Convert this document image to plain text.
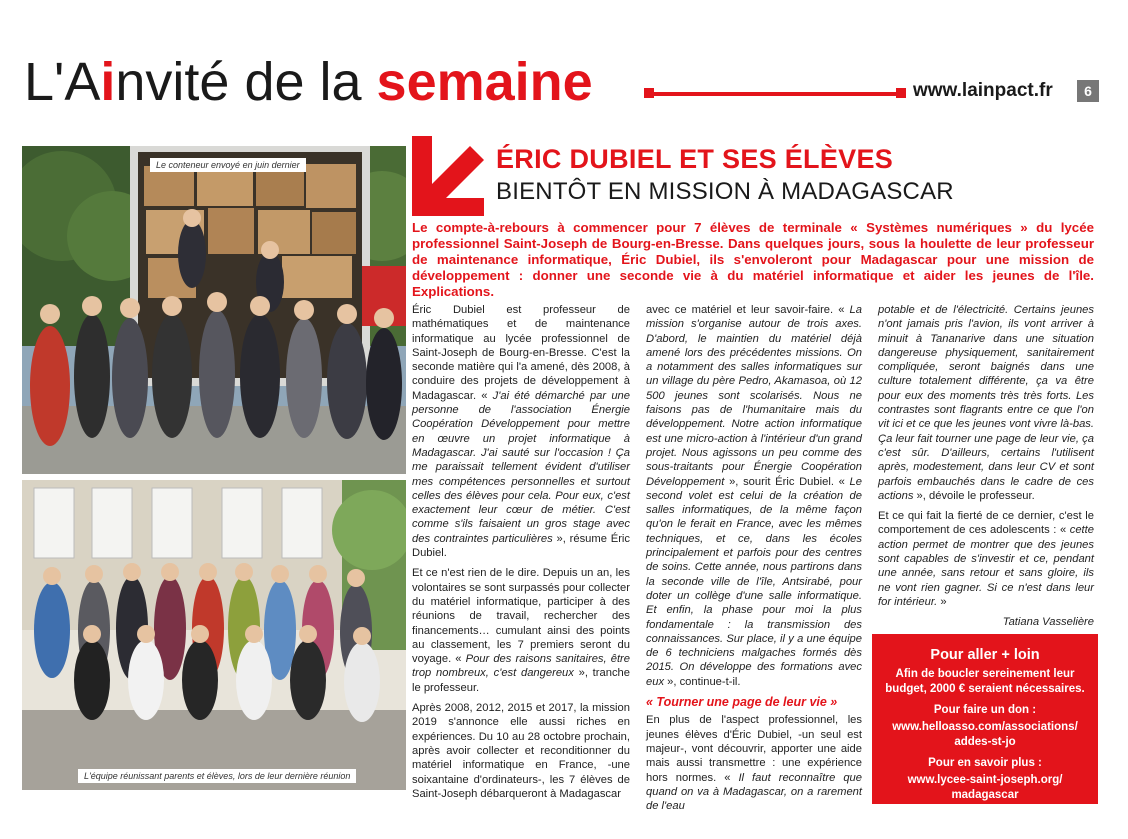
L'Ainvité de la semaine	www.lainpact.fr	6
Le conteneur envoyé en juin dernier
L'équipe réunissant parents et élèves, lors de leur dernière réunion
ÉRIC DUBIEL ET SES ÉLÈVES
BIENTÔT EN MISSION À MADAGASCAR
Le compte-à-rebours à commencer pour 7 élèves de terminale « Systèmes numériques » du lycée professionnel Saint-Joseph de Bourg-en-Bresse. Dans quelques jours, sous la houlette de leur professeur de maintenance informatique, Éric Dubiel, ils s'envoleront pour Madagascar pour une mission de développement : donner une seconde vie à du matériel informatique et aider les jeunes de l'île. Explications.

Éric Dubiel est professeur de mathématiques et de maintenance informatique au lycée professionnel de Saint-Joseph de Bourg-en-Bresse. C'est la seconde matière qui l'a amené, dès 2008, à conduire des projets de développement à Madagascar. « J'ai été démarché par une personne de l'association Énergie Coopération Développement pour mettre en œuvre un projet informatique à Madagascar. J'ai sauté sur l'occasion ! Ça me paraissait tellement évident d'utiliser mes compétences personnelles et surtout celles des élèves pour cela. Pour eux, c'est exactement leur cœur de métier. C'est comme s'ils faisaient un gros stage avec des contraintes particulières », résume Éric Dubiel.

Et ce n'est rien de le dire. Depuis un an, les volontaires se sont surpassés pour collecter du matériel informatique, participer à des réunions de travail, rechercher des financements… cumulant ainsi des points au classement, les 7 premiers seront du voyage. « Pour des raisons sanitaires, être trop nombreux, c'est dangereux », tranche le professeur.

Après 2008, 2012, 2015 et 2017, la mission 2019 s'annonce elle aussi riches en expériences. Du 10 au 28 octobre prochain, après avoir collecter et reconditionner du matériel informatique en France, -une soixantaine d'ordinateurs-, les 7 élèves de Saint-Joseph débarqueront à Madagascar

avec ce matériel et leur savoir-faire. « La mission s'organise autour de trois axes. D'abord, le maintien du matériel déjà amené lors des précédentes missions. On a notamment des salles informatiques sur un village du père Pedro, Akamasoa, où 12 500 jeunes sont scolarisés. Nous ne faisons pas de l'humanitaire mais du développement. Notre action informatique est une micro-action à l'intérieur d'un grand projet. Nous agissons un peu comme des sous-traitants pour Énergie Coopération Développement », sourit Éric Dubiel. « Le second volet est celui de la création de salles informatiques, de la même façon qu'on le ferait en France, avec les mêmes techniques, et ce, dans les écoles principalement et parfois pour des centres de soins. Cette année, nous partirons dans la seconde ville de l'île, Antsirabé, pour doter un collège d'une salle informatique. Et enfin, la phase pour moi la plus fondamentale : la transmission des connaissances. Sur place, il y a une équipe de 6 techniciens malgaches formés dès 2015. On développe des formations avec eux », continue-t-il.

« Tourner une page de leur vie »

En plus de l'aspect professionnel, les jeunes élèves d'Éric Dubiel, -un seul est majeur-, vont découvrir, apporter une aide mais aussi transmettre : une expérience hors normes. « Il faut reconnaître que quand on va à Madagascar, on a rarement de l'eau

potable et de l'électricité. Certains jeunes n'ont jamais pris l'avion, ils vont arriver à minuit à Tananarive dans une situation dangereuse physiquement, sanitairement compliquée, seront baignés dans une culture totalement différente, ça va être pour eux des moments très très forts. Les contrastes sont flagrants entre ce que l'on vit ici et ce que les jeunes vont vivre là-bas. Ça leur fait tourner une page de leur vie, ça c'est sûr. D'ailleurs, certains l'utilisent après, modestement, dans leur CV et sont parfois embauchés dans le cadre de ces actions », dévoile le professeur.

Et ce qui fait la fierté de ce dernier, c'est le comportement de ces adolescents : « cette action permet de montrer que des jeunes sont capables de s'investir et ce, pendant une année, sans retour et sans gloire, ils ne vont rien gagner. Si ce n'est dans leur for intérieur. »

Tatiana Vasselière
Pour aller + loin
Afin de boucler sereinement leur budget, 2000 € seraient nécessaires.
Pour faire un don :
www.helloasso.com/associations/ addes-st-jo
Pour en savoir plus :
www.lycee-saint-joseph.org/ madagascar
